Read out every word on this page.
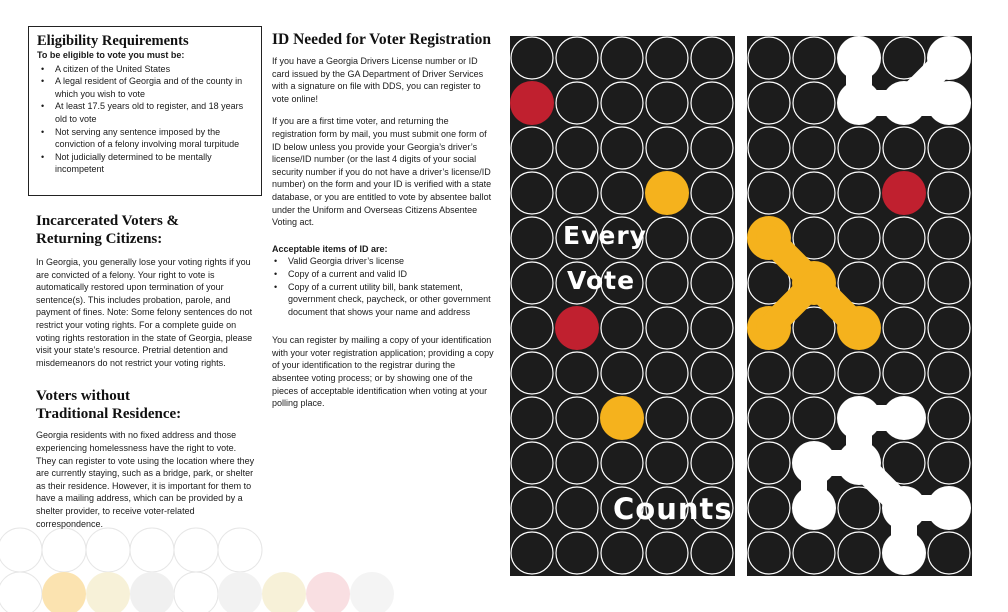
Eligibility Requirements
To be eligible to vote you must be:
• A citizen of the United States
• A legal resident of Georgia and of the county in which you wish to vote
• At least 17.5 years old to register, and 18 years old to vote
• Not serving any sentence imposed by the conviction of a felony involving moral turpitude
• Not judicially determined to be mentally incompetent
Incarcerated Voters &
Returning Citizens:

In Georgia, you generally lose your voting rights if you are convicted of a felony. Your right to vote is automatically restored upon termination of your sentence(s). This includes probation, parole, and payment of fines. Note: Some felony sentences do not restrict your voting rights. For a complete guide on voting rights restoration in the state of Georgia, please visit your state’s resource. Pretrial detention and misdemeanors do not restrict your voting rights.

Voters without
Traditional Residence:

Georgia residents with no fixed address and those experiencing homelessness have the right to vote. They can register to vote using the location where they are currently staying, such as a bridge, park, or shelter as their residence. However, it is important for them to have a mailing address, which can be provided by a shelter provider, to receive voter-related correspondence.

ID Needed for Voter Registration

If you have a Georgia Drivers License number or ID card issued by the GA Department of Driver Services with a signature on file with DDS, you can register to vote online!

If you are a first time voter, and returning the registration form by mail, you must submit one form of ID below unless you provide your Georgia’s driver’s license/ID number (or the last 4 digits of your social security number if you do not have a driver’s license/ID number) on the form and your ID is verified with a state database, or you are entitled to vote by absentee ballot under the Uniform and Overseas Citizens Absentee Voting act.

Acceptable items of ID are:
• Valid Georgia driver’s license
• Copy of a current and valid ID
• Copy of a current utility bill, bank statement, government check, paycheck, or other government document that shows your name and address

You can register by mailing a copy of your identification with your voter registration application; providing a copy of your identification to the registrar during the absentee voting process; or by showing one of the pieces of acceptable identification when voting at your polling place.

Every
Vote
Counts.
